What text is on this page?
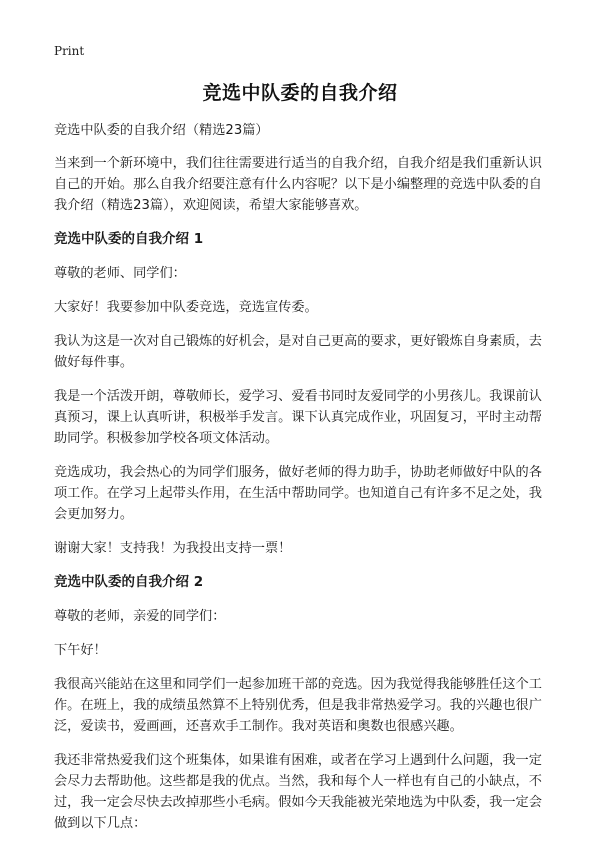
Print
竞选中队委的自我介绍

竞选中队委的自我介绍（精选23篇）

当来到一个新环境中，我们往往需要进行适当的自我介绍，自我介绍是我们重新认识自己的开始。那么自我介绍要注意有什么内容呢？以下是小编整理的竞选中队委的自我介绍（精选23篇），欢迎阅读，希望大家能够喜欢。

竞选中队委的自我介绍 1

尊敬的老师、同学们：

大家好！我要参加中队委竞选，竞选宣传委。

我认为这是一次对自己锻炼的好机会，是对自己更高的要求，更好锻炼自身素质，去做好每件事。

我是一个活泼开朗，尊敬师长，爱学习、爱看书同时友爱同学的小男孩儿。我课前认真预习，课上认真听讲，积极举手发言。课下认真完成作业，巩固复习，平时主动帮助同学。积极参加学校各项文体活动。

竞选成功，我会热心的为同学们服务，做好老师的得力助手，协助老师做好中队的各项工作。在学习上起带头作用，在生活中帮助同学。也知道自己有许多不足之处，我会更加努力。

谢谢大家！支持我！为我投出支持一票！

竞选中队委的自我介绍 2

尊敬的老师，亲爱的同学们：

下午好！

我很高兴能站在这里和同学们一起参加班干部的竞选。因为我觉得我能够胜任这个工作。在班上，我的成绩虽然算不上特别优秀，但是我非常热爱学习。我的兴趣也很广泛，爱读书，爱画画，还喜欢手工制作。我对英语和奥数也很感兴趣。

我还非常热爱我们这个班集体，如果谁有困难，或者在学习上遇到什么问题，我一定会尽力去帮助他。这些都是我的优点。当然，我和每个人一样也有自己的小缺点，不过，我一定会尽快去改掉那些小毛病。假如今天我能被光荣地选为中队委，我一定会做到以下几点：
